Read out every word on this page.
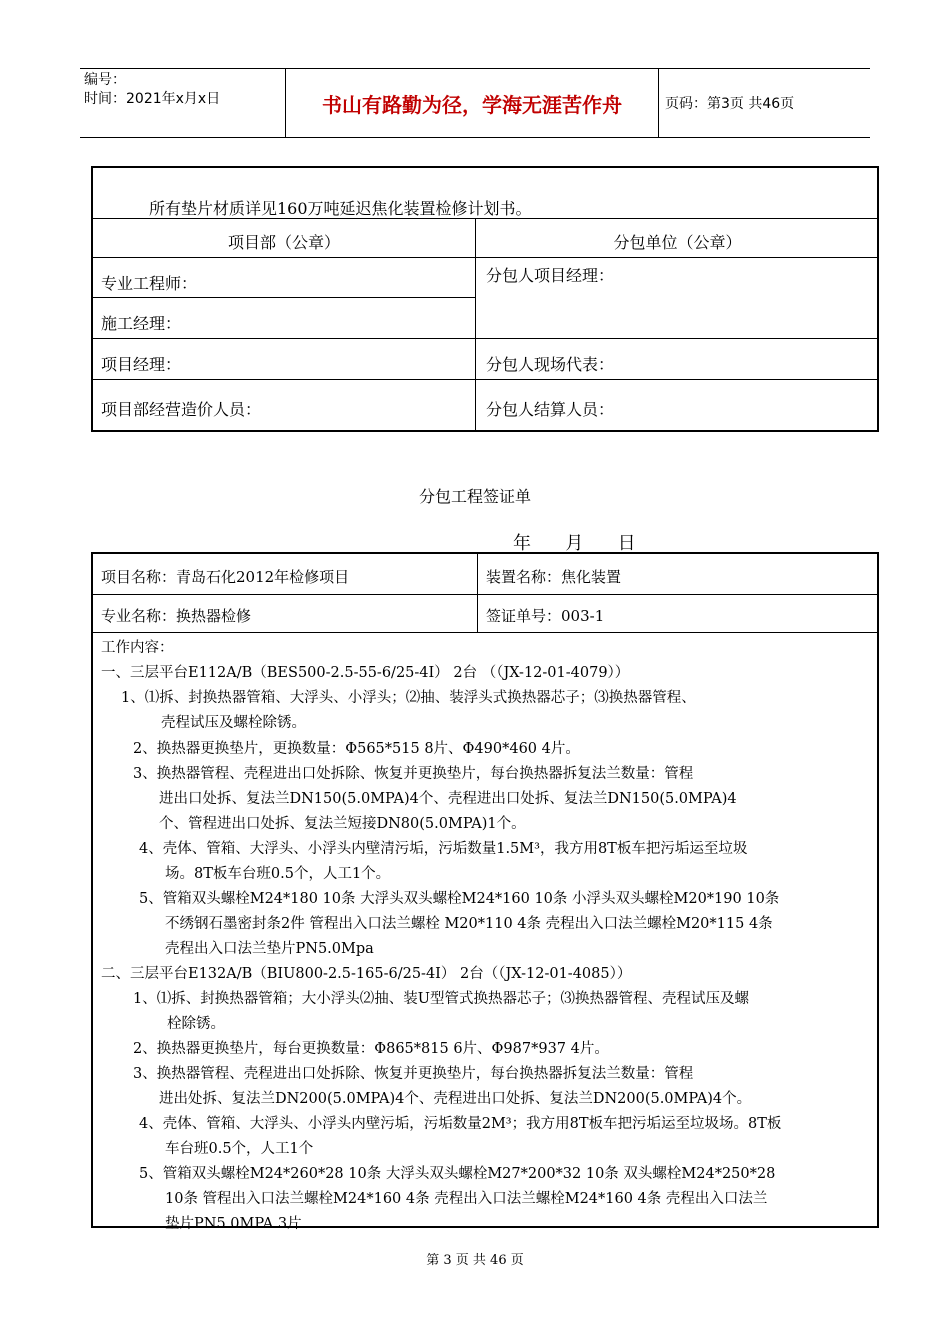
编号：
时间：2021年x月x日	书山有路勤为径，学海无涯苦作舟	页码：第3页 共46页
所有垫片材质详见160万吨延迟焦化装置检修计划书。
项目部（公章）	分包单位（公章）
专业工程师：	分包人项目经理：
施工经理：
项目经理：	分包人现场代表：
项目部经营造价人员：	分包人结算人员：
分包工程签证单
年      月      日
项目名称：青岛石化2012年检修项目	装置名称：焦化装置
专业名称：换热器检修	签证单号：003-1
工作内容：
一、三层平台E112A/B（BES500-2.5-55-6/25-4Ⅰ） 2台 （（JX-12-01-4079））
1、⑴拆、封换热器管箱、大浮头、小浮头；⑵抽、装浮头式换热器芯子；⑶换热器管程、
壳程试压及螺栓除锈。
2、换热器更换垫片，更换数量：Φ565*515 8片、Φ490*460 4片。
3、换热器管程、壳程进出口处拆除、恢复并更换垫片，每台换热器拆复法兰数量：管程
进出口处拆、复法兰DN150(5.0MPA)4个、壳程进出口处拆、复法兰DN150(5.0MPA)4
个、管程进出口处拆、复法兰短接DN80(5.0MPA)1个。
4、壳体、管箱、大浮头、小浮头内壁清污垢，污垢数量1.5M³，我方用8T板车把污垢运至垃圾
场。8T板车台班0.5个，人工1个。
5、管箱双头螺栓M24*180 10条 大浮头双头螺栓M24*160 10条 小浮头双头螺栓M20*190 10条
不绣钢石墨密封条2件 管程出入口法兰螺栓 M20*110 4条 壳程出入口法兰螺栓M20*115 4条
壳程出入口法兰垫片PN5.0Mpa
二、三层平台E132A/B（BIU800-2.5-165-6/25-4Ⅰ） 2台（（JX-12-01-4085））
1、⑴拆、封换热器管箱；大小浮头⑵抽、装U型管式换热器芯子；⑶换热器管程、壳程试压及螺
栓除锈。
2、换热器更换垫片，每台更换数量：Φ865*815 6片、Φ987*937 4片。
3、换热器管程、壳程进出口处拆除、恢复并更换垫片，每台换热器拆复法兰数量：管程
进出处拆、复法兰DN200(5.0MPA)4个、壳程进出口处拆、复法兰DN200(5.0MPA)4个。
4、壳体、管箱、大浮头、小浮头内壁污垢，污垢数量2M³；我方用8T板车把污垢运至垃圾场。8T板
车台班0.5个，人工1个
5、管箱双头螺栓M24*260*28 10条 大浮头双头螺栓M27*200*32 10条 双头螺栓M24*250*28
10条 管程出入口法兰螺栓M24*160 4条 壳程出入口法兰螺栓M24*160 4条 壳程出入口法兰
垫片PN5.0MPA 3片
第 3 页 共 46 页
